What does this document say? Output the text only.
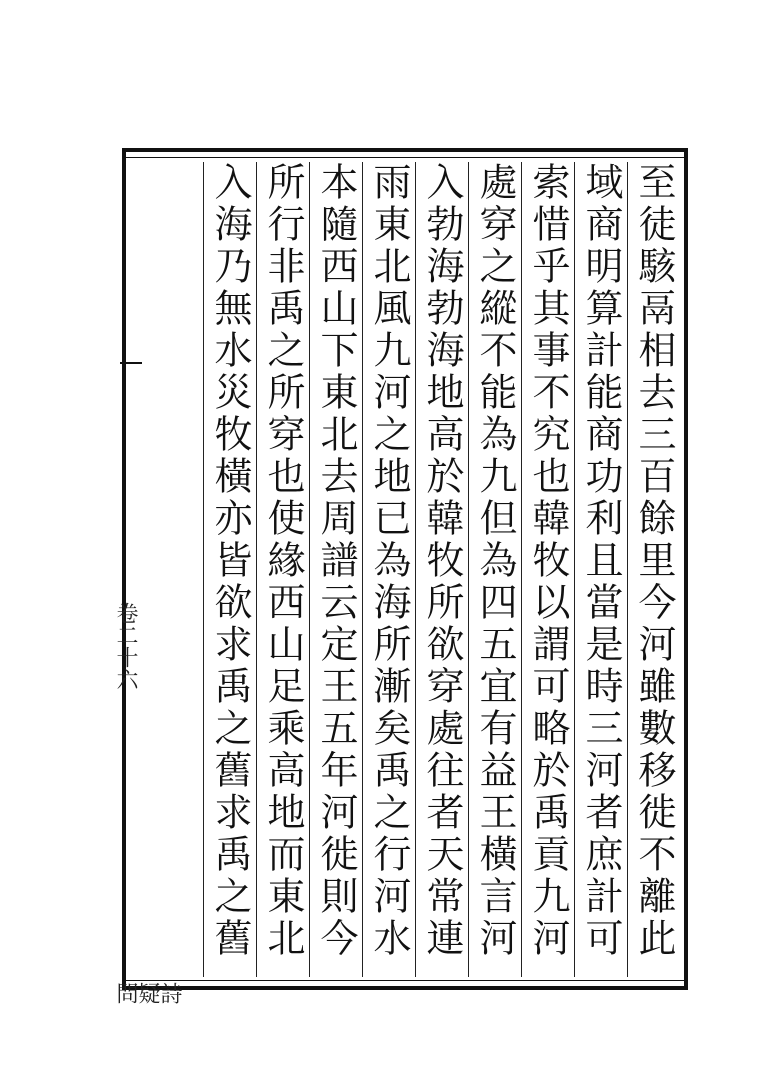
卷二十六
詩疑問
至徒駭鬲相去三百餘里今河雖數移徙不離此
域商明算計能商功利且當是時三河者庶計可
索惜乎其事不究也韓牧以謂可略於禹貢九河
處穿之縱不能為九但為四五宜有益王橫言河
入勃海勃海地高於韓牧所欲穿處往者天常連
雨東北風九河之地已為海所漸矣禹之行河水
本隨西山下東北去周譜云定王五年河徙則今
所行非禹之所穿也使緣西山足乘高地而東北
入海乃無水災牧橫亦皆欲求禹之舊求禹之舊
